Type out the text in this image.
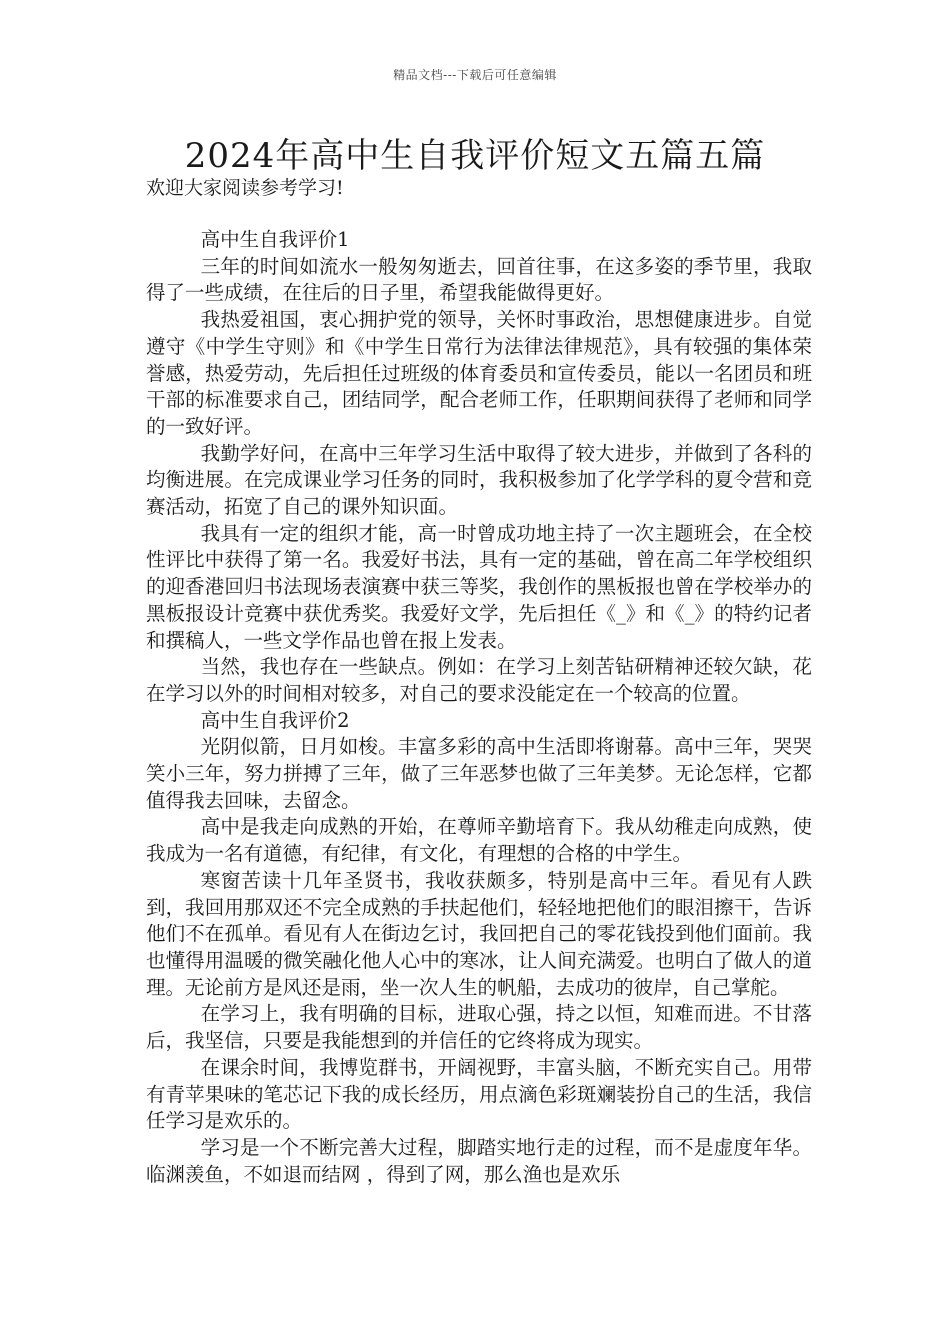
精品文档---下载后可任意编辑
2024年高中生自我评价短文五篇五篇
欢迎大家阅读参考学习!

高中生自我评价1

三年的时间如流水一般匆匆逝去，回首往事，在这多姿的季节里，我取得了一些成绩，在往后的日子里，希望我能做得更好。

我热爱祖国，衷心拥护党的领导，关怀时事政治，思想健康进步。自觉遵守《中学生守则》和《中学生日常行为法律法律规范》，具有较强的集体荣誉感，热爱劳动，先后担任过班级的体育委员和宣传委员，能以一名团员和班干部的标准要求自己，团结同学，配合老师工作，任职期间获得了老师和同学的一致好评。

我勤学好问，在高中三年学习生活中取得了较大进步，并做到了各科的均衡进展。在完成课业学习任务的同时，我积极参加了化学学科的夏令营和竞赛活动，拓宽了自己的课外知识面。

我具有一定的组织才能，高一时曾成功地主持了一次主题班会，在全校性评比中获得了第一名。我爱好书法，具有一定的基础，曾在高二年学校组织的迎香港回归书法现场表演赛中获三等奖，我创作的黑板报也曾在学校举办的黑板报设计竞赛中获优秀奖。我爱好文学，先后担任《_》和《_》的特约记者和撰稿人，一些文学作品也曾在报上发表。

当然，我也存在一些缺点。例如：在学习上刻苦钻研精神还较欠缺，花在学习以外的时间相对较多，对自己的要求没能定在一个较高的位置。

高中生自我评价2

光阴似箭，日月如梭。丰富多彩的高中生活即将谢幕。高中三年，哭哭笑小三年，努力拼搏了三年，做了三年恶梦也做了三年美梦。无论怎样，它都值得我去回味，去留念。

高中是我走向成熟的开始，在尊师辛勤培育下。我从幼稚走向成熟，使我成为一名有道德，有纪律，有文化，有理想的合格的中学生。

寒窗苦读十几年圣贤书，我收获颇多，特别是高中三年。看见有人跌到，我回用那双还不完全成熟的手扶起他们，轻轻地把他们的眼泪擦干，告诉他们不在孤单。看见有人在街边乞讨，我回把自己的零花钱投到他们面前。我也懂得用温暖的微笑融化他人心中的寒冰，让人间充满爱。也明白了做人的道理。无论前方是风还是雨，坐一次人生的帆船，去成功的彼岸，自己掌舵。

在学习上，我有明确的目标，进取心强，持之以恒，知难而进。不甘落后，我坚信，只要是我能想到的并信任的它终将成为现实。

在课余时间，我博览群书，开阔视野，丰富头脑，不断充实自己。用带有青苹果味的笔芯记下我的成长经历，用点滴色彩斑斓装扮自己的生活，我信任学习是欢乐的。

学习是一个不断完善大过程，脚踏实地行走的过程，而不是虚度年华。 临渊羡鱼，不如退而结网 ，得到了网，那么渔也是欢乐
